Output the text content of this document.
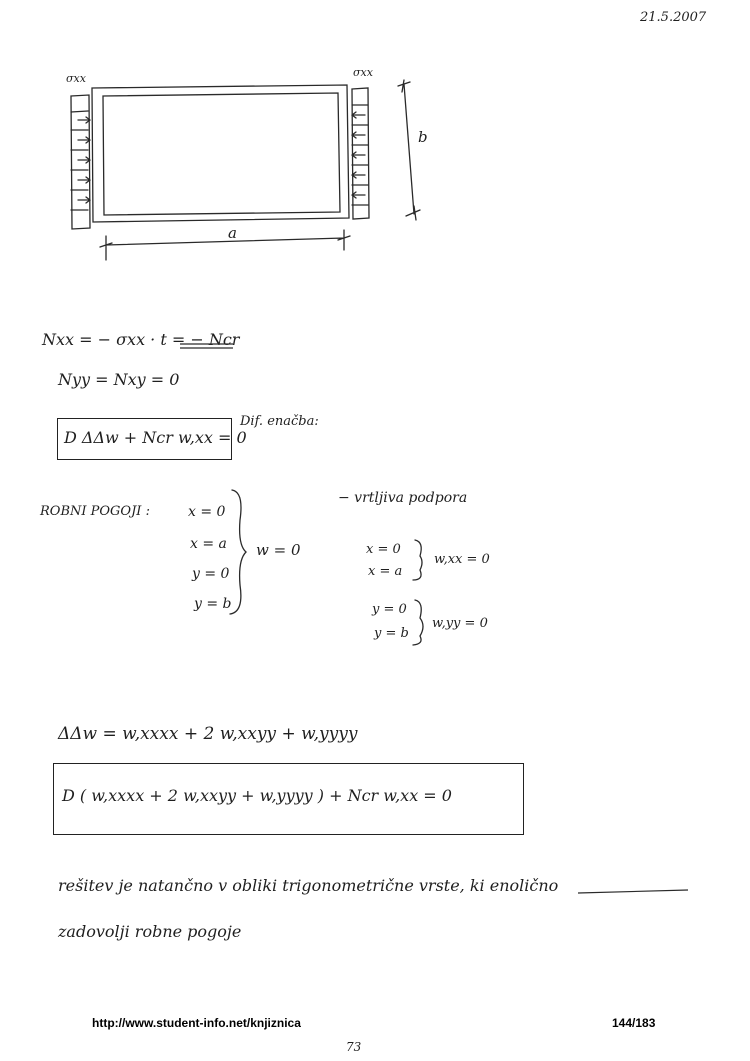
21.5.2007
σxx	σxx
a
b
Nxx = − σxx · t = − Ncr
Nyy = Nxy = 0
D ΔΔw + Ncr w,xx = 0
Dif. enačba:
ROBNI POGOJI :	x = 0
x = a
y = 0
y = b
w = 0
− vrtljiva podpora
x = 0
x = a
w,xx = 0
y = 0
y = b
w,yy = 0
ΔΔw = w,xxxx + 2 w,xxyy + w,yyyy
D ( w,xxxx + 2 w,xxyy + w,yyyy ) + Ncr w,xx = 0
rešitev je natančno v obliki trigonometrične vrste, ki enolično
zadovolji robne pogoje
http://www.student-info.net/knjiznica	144/183
73
